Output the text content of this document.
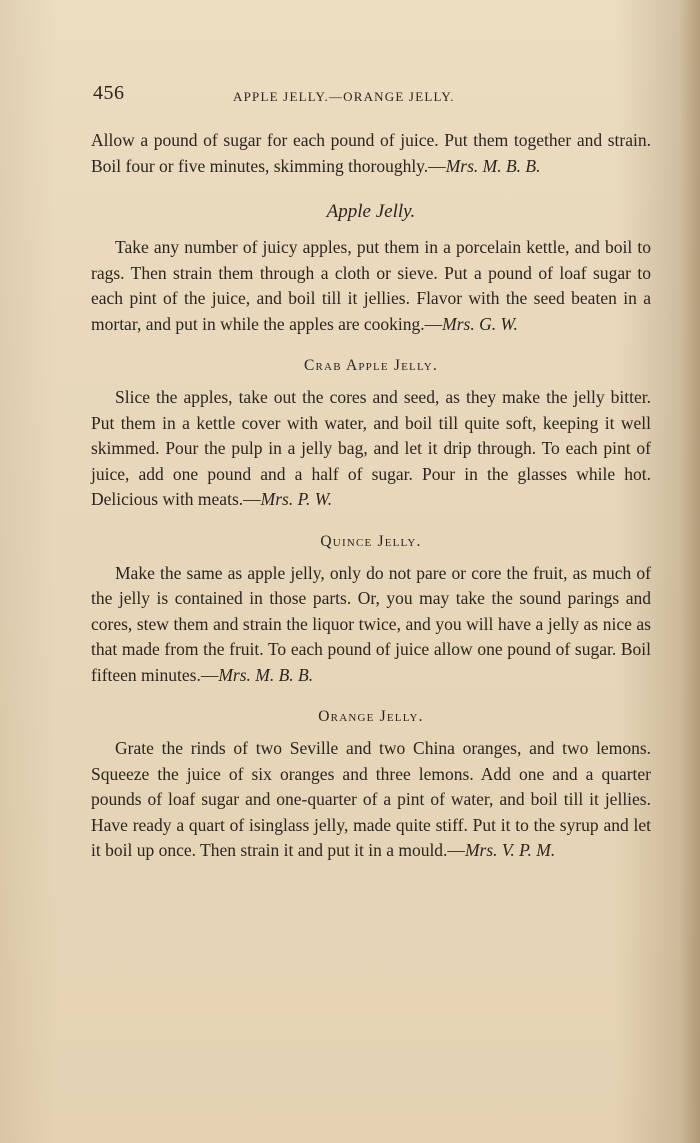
456	APPLE JELLY.—ORANGE JELLY.

Allow a pound of sugar for each pound of juice. Put them together and strain. Boil four or five minutes, skimming thoroughly.—Mrs. M. B. B.

Apple Jelly.

Take any number of juicy apples, put them in a porcelain kettle, and boil to rags. Then strain them through a cloth or sieve. Put a pound of loaf sugar to each pint of the juice, and boil till it jellies. Flavor with the seed beaten in a mortar, and put in while the apples are cooking.—Mrs. G. W.

Crab Apple Jelly.

Slice the apples, take out the cores and seed, as they make the jelly bitter. Put them in a kettle cover with water, and boil till quite soft, keeping it well skimmed. Pour the pulp in a jelly bag, and let it drip through. To each pint of juice, add one pound and a half of sugar. Pour in the glasses while hot. Delicious with meats.—Mrs. P. W.

Quince Jelly.

Make the same as apple jelly, only do not pare or core the fruit, as much of the jelly is contained in those parts. Or, you may take the sound parings and cores, stew them and strain the liquor twice, and you will have a jelly as nice as that made from the fruit. To each pound of juice allow one pound of sugar. Boil fifteen minutes.—Mrs. M. B. B.

Orange Jelly.

Grate the rinds of two Seville and two China oranges, and two lemons. Squeeze the juice of six oranges and three lemons. Add one and a quarter pounds of loaf sugar and one-quarter of a pint of water, and boil till it jellies. Have ready a quart of isinglass jelly, made quite stiff. Put it to the syrup and let it boil up once. Then strain it and put it in a mould.—Mrs. V. P. M.
